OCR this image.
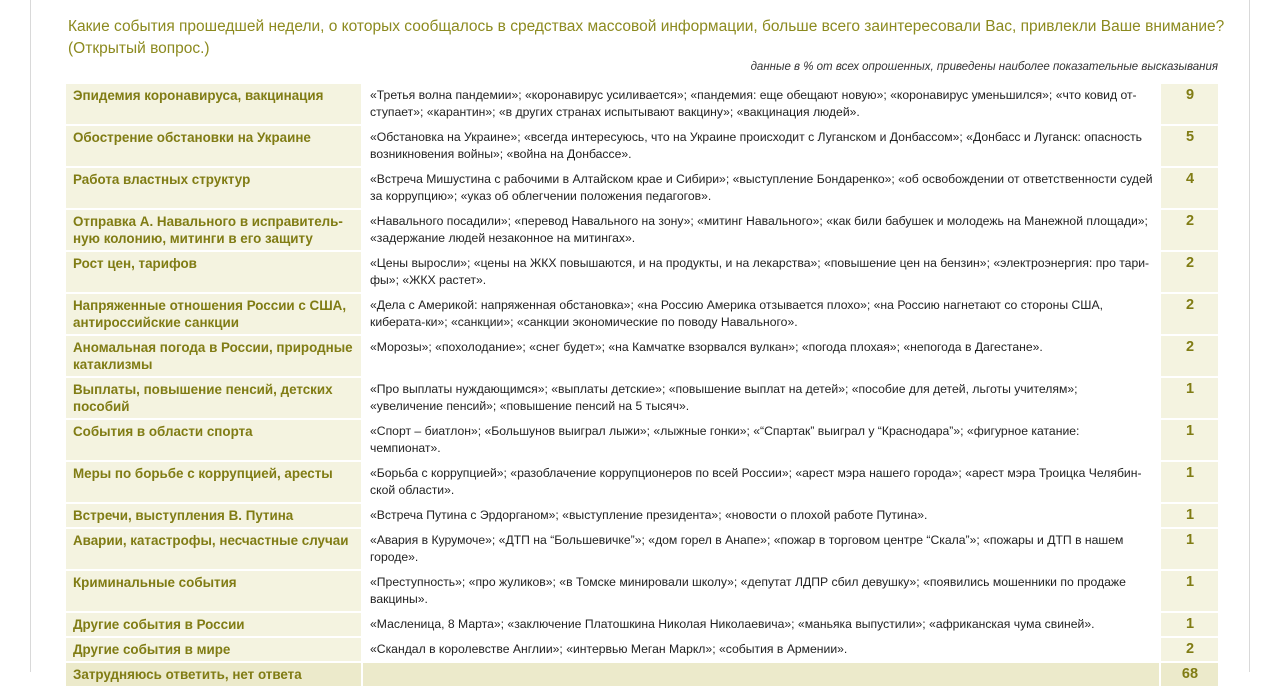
Какие события прошедшей недели, о которых сообщалось в средствах массовой информации, больше всего заинтересовали Вас, привлекли Ваше внимание?
(Открытый вопрос.)
данные в % от всех опрошенных, приведены наиболее показательные высказывания
Эпидемия коронавируса, вакцинация	«Третья волна пандемии»; «коронавирус усиливается»; «пандемия: еще обещают новую»; «коронавирус уменьшился»; «что ковид от-ступает»; «карантин»; «в других странах испытывают вакцину»; «вакцинация людей».	9
Обострение обстановки на Украине	«Обстановка на Украине»; «всегда интересуюсь, что на Украине происходит с Луганском и Донбассом»; «Донбасс и Луганск: опасность возникновения войны»; «война на Донбассе».	5
Работа властных структур	«Встреча Мишустина с рабочими в Алтайском крае и Сибири»; «выступление Бондаренко»; «об освобождении от ответственности судей за коррупцию»; «указ об облегчении положения педагогов».	4
Отправка А. Навального в исправитель-ную колонию, митинги в его защиту	«Навального посадили»; «перевод Навального на зону»; «митинг Навального»; «как били бабушек и молодежь на Манежной площади»; «задержание людей незаконное на митингах».	2
Рост цен, тарифов	«Цены выросли»; «цены на ЖКХ повышаются, и на продукты, и на лекарства»; «повышение цен на бензин»; «электроэнергия: про тари-фы»; «ЖКХ растет».	2
Напряженные отношения России с США, антироссийские санкции	«Дела с Америкой: напряженная обстановка»; «на Россию Америка отзывается плохо»; «на Россию нагнетают со стороны США, киберата-ки»; «санкции»; «санкции экономические по поводу Навального».	2
Аномальная погода в России, природные катаклизмы	«Морозы»; «похолодание»; «снег будет»; «на Камчатке взорвался вулкан»; «погода плохая»; «непогода в Дагестане».	2
Выплаты, повышение пенсий, детских пособий	«Про выплаты нуждающимся»; «выплаты детские»; «повышение выплат на детей»; «пособие для детей, льготы учителям»; «увеличение пенсий»; «повышение пенсий на 5 тысяч».	1
События в области спорта	«Спорт – биатлон»; «Большунов выиграл лыжи»; «лыжные гонки»; «“Спартак” выиграл у “Краснодара”»; «фигурное катание: чемпионат».	1
Меры по борьбе с коррупцией, аресты	«Борьба с коррупцией»; «разоблачение коррупционеров по всей России»; «арест мэра нашего города»; «арест мэра Троицка Челябин-ской области».	1
Встречи, выступления В. Путина	«Встреча Путина с Эрдорганом»; «выступление президента»; «новости о плохой работе Путина».	1
Аварии, катастрофы, несчастные случаи	«Авария в Курумоче»; «ДТП на “Большевичке”»; «дом горел в Анапе»; «пожар в торговом центре “Скала”»; «пожары и ДТП в нашем городе».	1
Криминальные события	«Преступность»; «про жуликов»; «в Томске минировали школу»; «депутат ЛДПР сбил девушку»; «появились мошенники по продаже вакцины».	1
Другие события в России	«Масленица, 8 Марта»; «заключение Платошкина Николая Николаевича»; «маньяка выпустили»; «африканская чума свиней».	1
Другие события в мире	«Скандал в королевстве Англии»; «интервью Меган Маркл»; «события в Армении».	2
Затрудняюсь ответить, нет ответа		68
